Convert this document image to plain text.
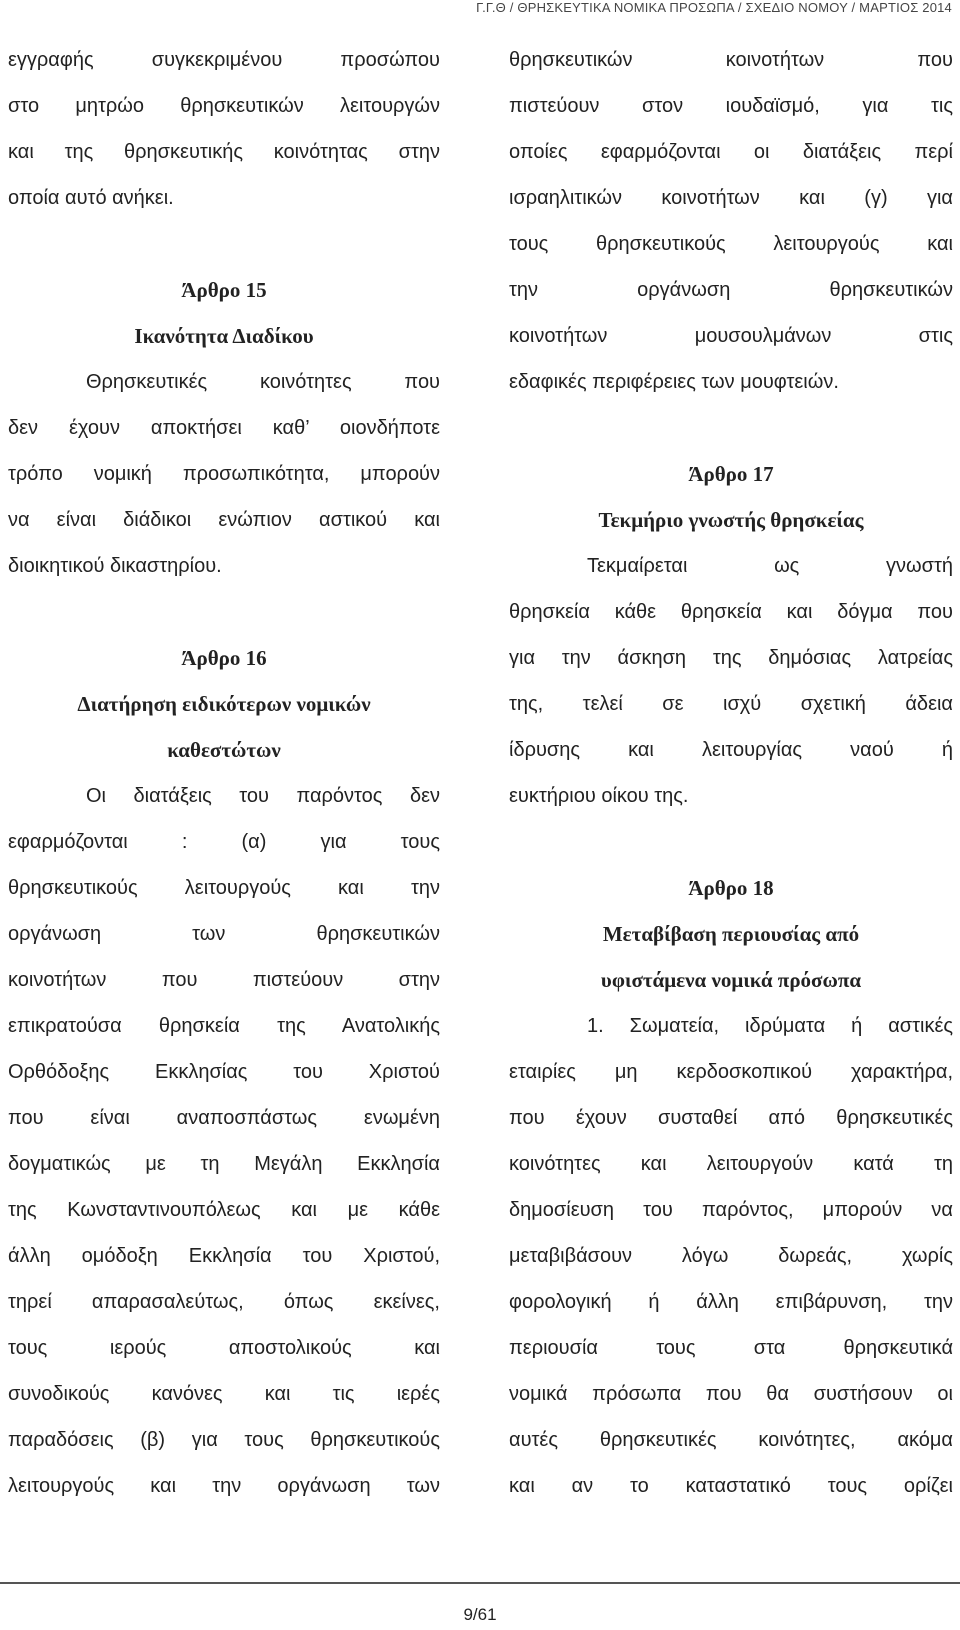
Γ.Γ.Θ / ΘΡΗΣΚΕΥΤΙΚΑ ΝΟΜΙΚΑ ΠΡΟΣΩΠΑ / ΣΧΕΔΙΟ ΝΟΜΟΥ / ΜΑΡΤΙΟΣ 2014
εγγραφής συγκεκριμένου προσώπου
στο μητρώο θρησκευτικών λειτουργών
και της θρησκευτικής κοινότητας στην
οποία αυτό ανήκει.
Άρθρο 15
Ικανότητα Διαδίκου
Θρησκευτικές κοινότητες που
δεν έχουν αποκτήσει καθ’ οιονδήποτε
τρόπο νομική προσωπικότητα, μπορούν
να είναι διάδικοι ενώπιον αστικού και
διοικητικού δικαστηρίου.
Άρθρο 16
Διατήρηση ειδικότερων νομικών
καθεστώτων
Οι διατάξεις του παρόντος δεν
εφαρμόζονται : (α) για τους
θρησκευτικούς λειτουργούς και την
οργάνωση των θρησκευτικών
κοινοτήτων που πιστεύουν στην
επικρατούσα θρησκεία της Ανατολικής
Ορθόδοξης Εκκλησίας του Χριστού
που είναι αναποσπάστως ενωμένη
δογματικώς με τη Μεγάλη Εκκλησία
της Κωνσταντινουπόλεως και με κάθε
άλλη ομόδοξη Εκκλησία του Χριστού,
τηρεί απαρασαλεύτως, όπως εκείνες,
τους ιερούς αποστολικούς και
συνοδικούς κανόνες και τις ιερές
παραδόσεις (β) για τους θρησκευτικούς
λειτουργούς και την οργάνωση των
θρησκευτικών κοινοτήτων που
πιστεύουν στον ιουδαϊσμό, για τις
οποίες εφαρμόζονται οι διατάξεις περί
ισραηλιτικών κοινοτήτων και (γ) για
τους θρησκευτικούς λειτουργούς και
την οργάνωση θρησκευτικών
κοινοτήτων μουσουλμάνων στις
εδαφικές περιφέρειες των μουφτειών.
Άρθρο 17
Τεκμήριο γνωστής θρησκείας
Τεκμαίρεται ως γνωστή
θρησκεία κάθε θρησκεία και δόγμα που
για την άσκηση της δημόσιας λατρείας
της, τελεί σε ισχύ σχετική άδεια
ίδρυσης και λειτουργίας ναού ή
ευκτήριου οίκου της.
Άρθρο 18
Μεταβίβαση περιουσίας από
υφιστάμενα νομικά πρόσωπα
1. Σωματεία, ιδρύματα ή αστικές
εταιρίες μη κερδοσκοπικού χαρακτήρα,
που έχουν συσταθεί από θρησκευτικές
κοινότητες και λειτουργούν κατά τη
δημοσίευση του παρόντος, μπορούν να
μεταβιβάσουν λόγω δωρεάς, χωρίς
φορολογική ή άλλη επιβάρυνση, την
περιουσία τους στα θρησκευτικά
νομικά πρόσωπα που θα συστήσουν οι
αυτές θρησκευτικές κοινότητες, ακόμα
και αν το καταστατικό τους ορίζει
9/61
